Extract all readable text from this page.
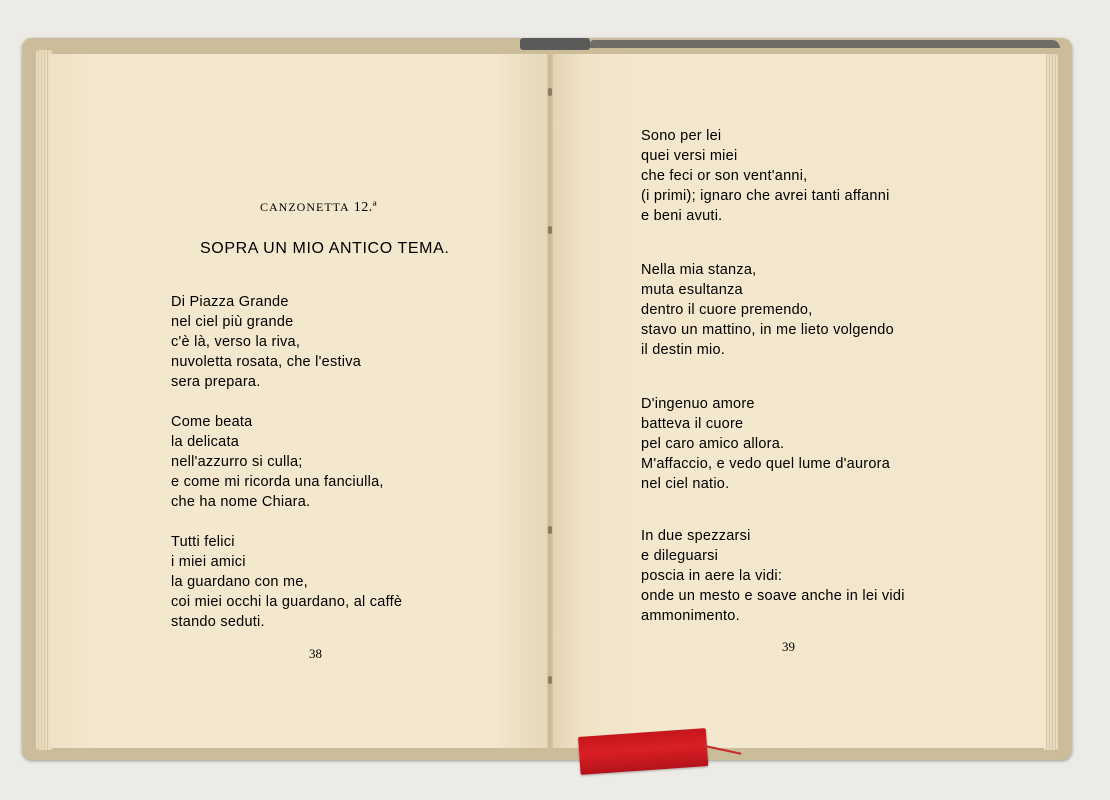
CANZONETTA 12.ª
SOPRA UN MIO ANTICO TEMA.
Di Piazza Grande
nel ciel più grande
c'è là, verso la riva,
nuvoletta rosata, che l'estiva
sera prepara.
Come beata
la delicata
nell'azzurro si culla;
e come mi ricorda una fanciulla,
che ha nome Chiara.
Tutti felici
i miei amici
la guardano con me,
coi miei occhi la guardano, al caffè
stando seduti.
38
Sono per lei
quei versi miei
che feci or son vent'anni,
(i primi); ignaro che avrei tanti affanni
e beni avuti.
Nella mia stanza,
muta esultanza
dentro il cuore premendo,
stavo un mattino, in me lieto volgendo
il destin mio.
D'ingenuo amore
batteva il cuore
pel caro amico allora.
M'affaccio, e vedo quel lume d'aurora
nel ciel natio.
In due spezzarsi
e dileguarsi
poscia in aere la vidi:
onde un mesto e soave anche in lei vidi
ammonimento.
39
